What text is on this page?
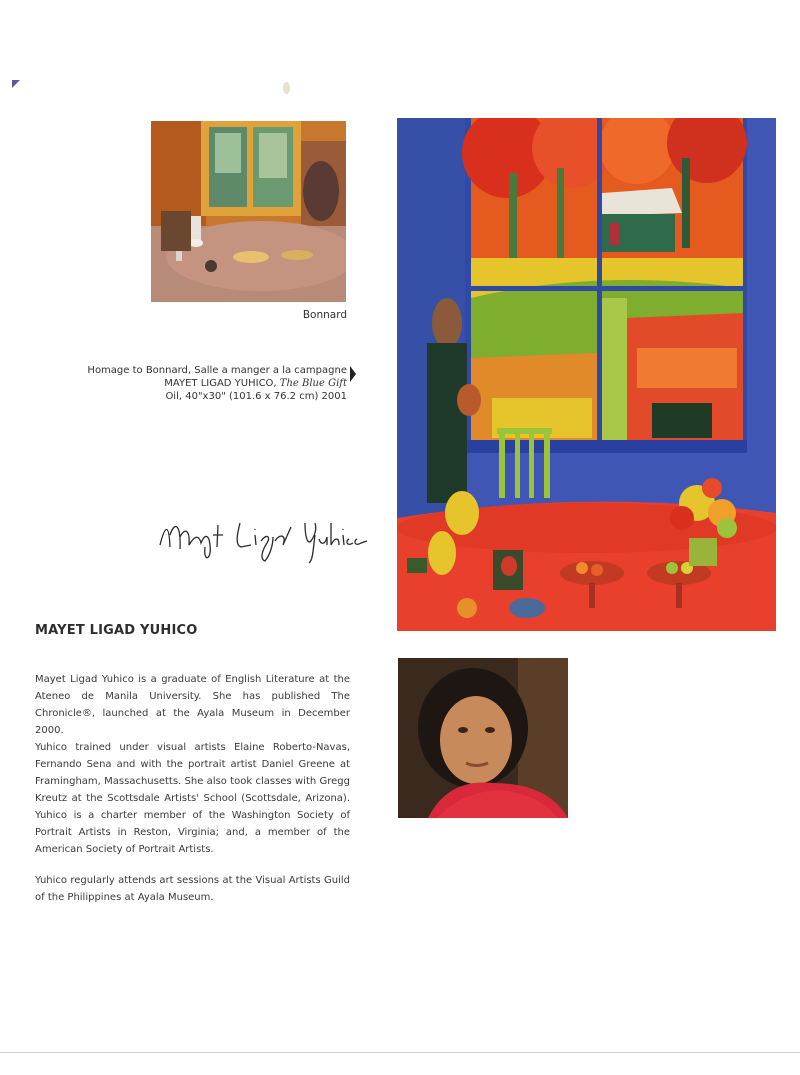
Bonnard
Homage to Bonnard, Salle a manger a la campagne
MAYET LIGAD YUHICO, The Blue Gift
Oil, 40"x30" (101.6 x 76.2 cm) 2001
MAYET LIGAD YUHICO

Mayet Ligad Yuhico is a graduate of English Literature at the Ateneo de Manila University. She has published The Chronicle®, launched at the Ayala Museum in December 2000.

Yuhico trained under visual artists Elaine Roberto-Navas, Fernando Sena and with the portrait artist Daniel Greene at Framingham, Massachusetts. She also took classes with Gregg Kreutz at the Scottsdale Artists' School (Scottsdale, Arizona). Yuhico is a charter member of the Washington Society of Portrait Artists in Reston, Virginia; and, a member of the American Society of Portrait Artists.

Yuhico regularly attends art sessions at the Visual Artists Guild of the Philippines at Ayala Museum.
